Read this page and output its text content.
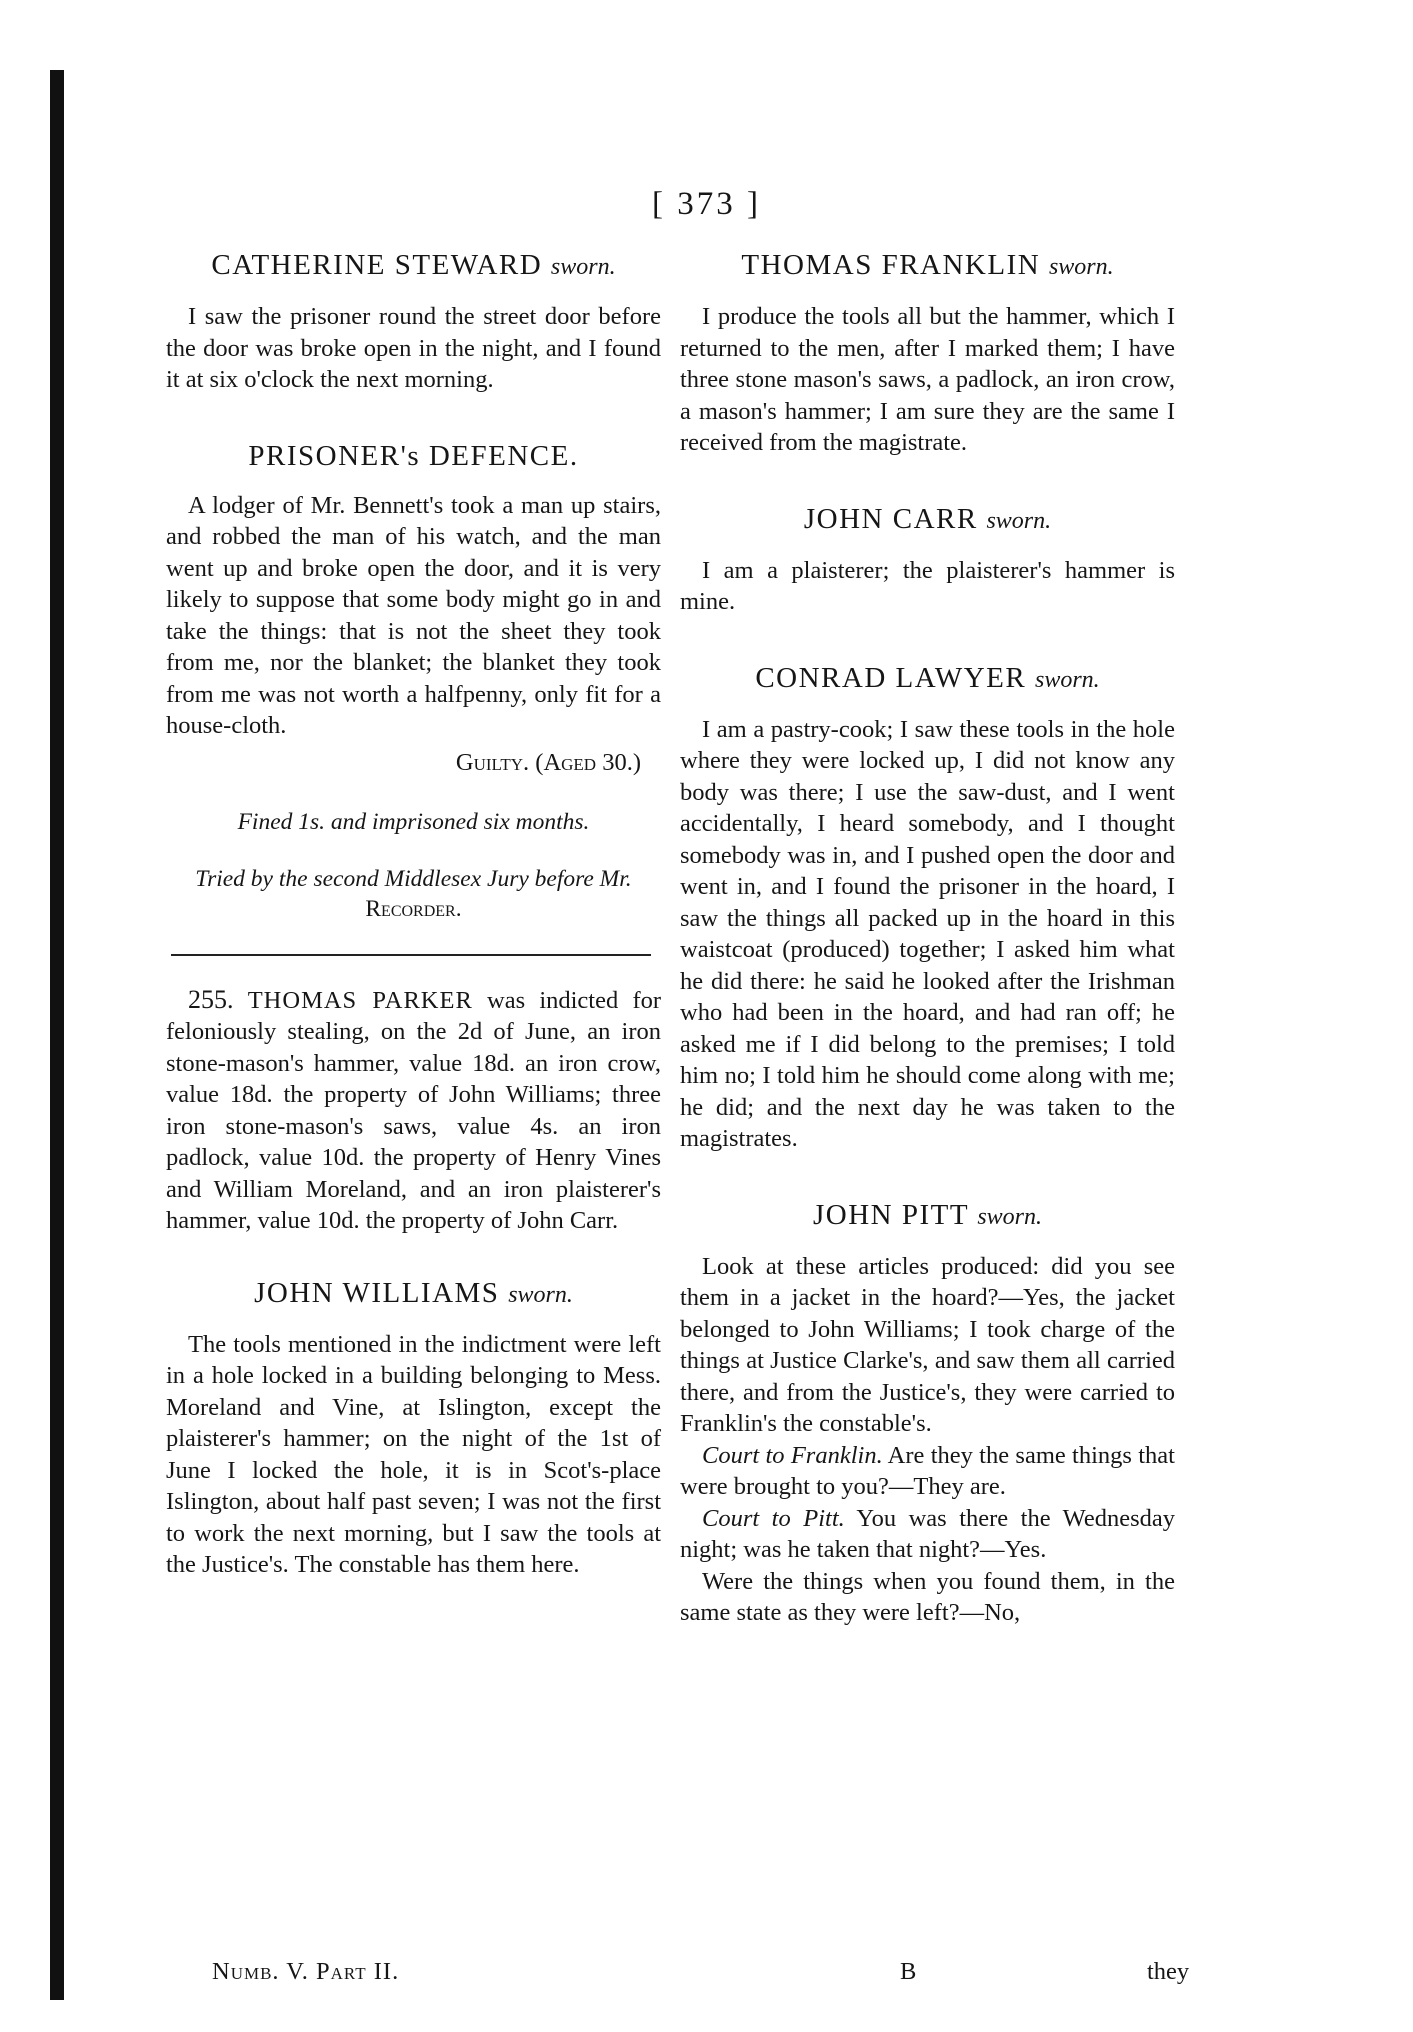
[ 373 ]
CATHERINE STEWARD sworn.

I saw the prisoner round the street door before the door was broke open in the night, and I found it at six o'clock the next morning.

PRISONER's DEFENCE.

A lodger of Mr. Bennett's took a man up stairs, and robbed the man of his watch, and the man went up and broke open the door, and it is very likely to suppose that some body might go in and take the things: that is not the sheet they took from me, nor the blanket; the blanket they took from me was not worth a halfpenny, only fit for a house-cloth.

Guilty. (Aged 30.)
Fined 1s. and imprisoned six months.
Tried by the second Middlesex Jury before Mr. Recorder.

255. THOMAS PARKER was indicted for feloniously stealing, on the 2d of June, an iron stone-mason's hammer, value 18d. an iron crow, value 18d. the property of John Williams; three iron stone-mason's saws, value 4s. an iron padlock, value 10d. the property of Henry Vines and William Moreland, and an iron plaisterer's hammer, value 10d. the property of John Carr.

JOHN WILLIAMS sworn.

The tools mentioned in the indictment were left in a hole locked in a building belonging to Mess. Moreland and Vine, at Islington, except the plaisterer's hammer; on the night of the 1st of June I locked the hole, it is in Scot's-place Islington, about half past seven; I was not the first to work the next morning, but I saw the tools at the Justice's. The constable has them here.

THOMAS FRANKLIN sworn.

I produce the tools all but the hammer, which I returned to the men, after I marked them; I have three stone mason's saws, a padlock, an iron crow, a mason's hammer; I am sure they are the same I received from the magistrate.

JOHN CARR sworn.

I am a plaisterer; the plaisterer's hammer is mine.

CONRAD LAWYER sworn.

I am a pastry-cook; I saw these tools in the hole where they were locked up, I did not know any body was there; I use the saw-dust, and I went accidentally, I heard somebody, and I thought somebody was in, and I pushed open the door and went in, and I found the prisoner in the hoard, I saw the things all packed up in the hoard in this waistcoat (produced) together; I asked him what he did there: he said he looked after the Irishman who had been in the hoard, and had ran off; he asked me if I did belong to the premises; I told him no; I told him he should come along with me; he did; and the next day he was taken to the magistrates.

JOHN PITT sworn.

Look at these articles produced: did you see them in a jacket in the hoard?—Yes, the jacket belonged to John Williams; I took charge of the things at Justice Clarke's, and saw them all carried there, and from the Justice's, they were carried to Franklin's the constable's.

Court to Franklin. Are they the same things that were brought to you?—They are.

Court to Pitt. You was there the Wednesday night; was he taken that night?—Yes.

Were the things when you found them, in the same state as they were left?—No,

Numb. V. Part II.	B	they
